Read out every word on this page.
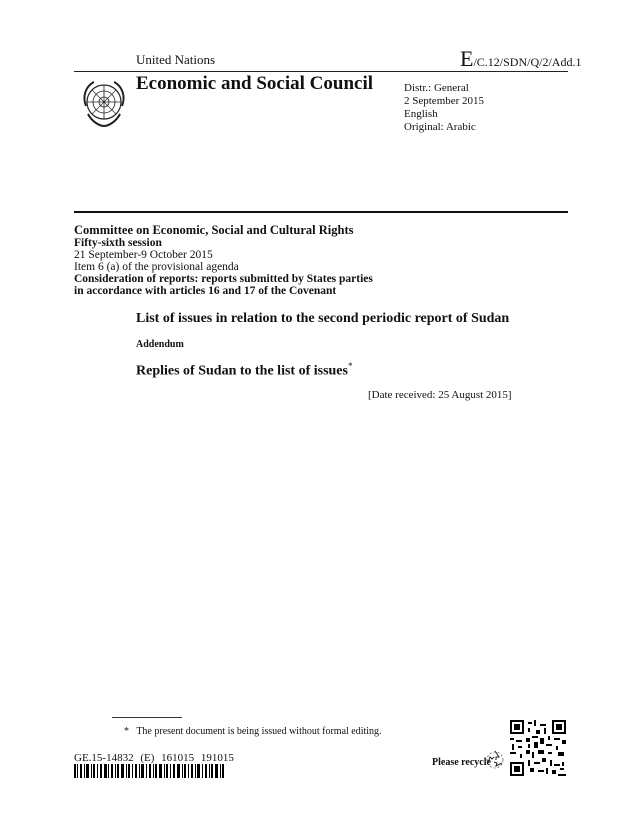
United Nations	E/C.12/SDN/Q/2/Add.1
Economic and Social Council	Distr.: General
2 September 2015
English
Original: Arabic
Committee on Economic, Social and Cultural Rights
Fifty-sixth session
21 September-9 October 2015
Item 6 (a) of the provisional agenda
Consideration of reports: reports submitted by States parties
in accordance with articles 16 and 17 of the Covenant
List of issues in relation to the second periodic report of Sudan
Addendum
Replies of Sudan to the list of issues*
[Date received: 25 August 2015]
* The present document is being issued without formal editing.
GE.15-14832 (E) 161015 191015	Please recycle
